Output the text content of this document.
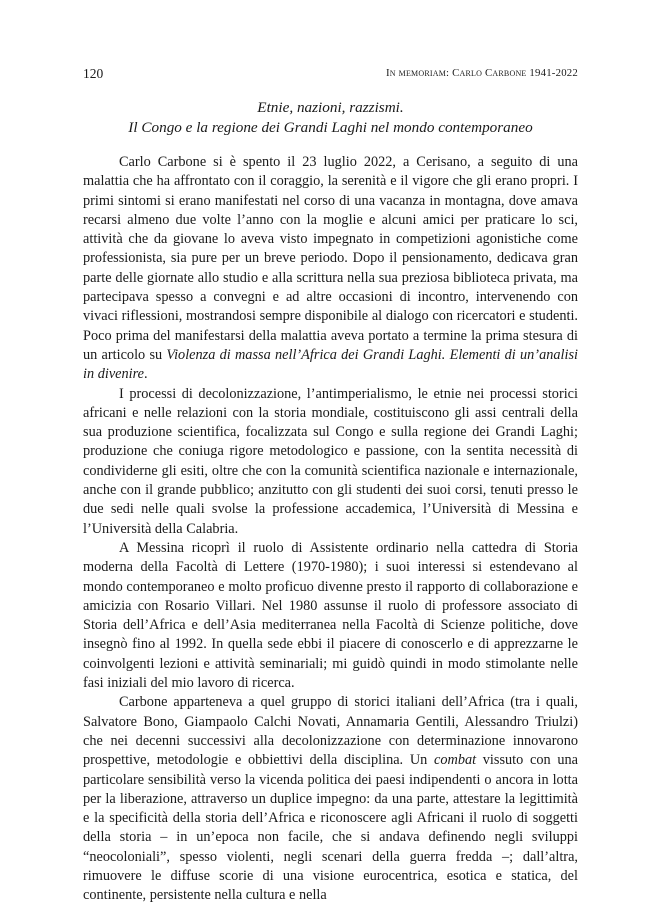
120	In memoriam: Carlo Carbone 1941-2022
Etnie, nazioni, razzismi.
Il Congo e la regione dei Grandi Laghi nel mondo contemporaneo

Carlo Carbone si è spento il 23 luglio 2022, a Cerisano, a seguito di una malattia che ha affrontato con il coraggio, la serenità e il vigore che gli erano propri. I primi sintomi si erano manifestati nel corso di una vacanza in montagna, dove amava recarsi almeno due volte l’anno con la moglie e alcuni amici per praticare lo sci, attività che da giovane lo aveva visto impegnato in competizioni agonistiche come professionista, sia pure per un breve periodo. Dopo il pensionamento, dedicava gran parte delle giornate allo studio e alla scrittura nella sua preziosa biblioteca privata, ma partecipava spesso a convegni e ad altre occasioni di incontro, intervenendo con vivaci riflessioni, mostrandosi sempre disponibile al dialogo con ricercatori e studenti. Poco prima del manifestarsi della malattia aveva portato a termine la prima stesura di un articolo su Violenza di massa nell’Africa dei Grandi Laghi. Elementi di un’analisi in divenire.

I processi di decolonizzazione, l’antimperialismo, le etnie nei processi storici africani e nelle relazioni con la storia mondiale, costituiscono gli assi centrali della sua produzione scientifica, focalizzata sul Congo e sulla regione dei Grandi Laghi; produzione che coniuga rigore metodologico e passione, con la sentita necessità di condividerne gli esiti, oltre che con la comunità scientifica nazionale e internazionale, anche con il grande pubblico; anzitutto con gli studenti dei suoi corsi, tenuti presso le due sedi nelle quali svolse la professione accademica, l’Università di Messina e l’Università della Calabria.

A Messina ricoprì il ruolo di Assistente ordinario nella cattedra di Storia moderna della Facoltà di Lettere (1970-1980); i suoi interessi si estendevano al mondo contemporaneo e molto proficuo divenne presto il rapporto di collaborazione e amicizia con Rosario Villari. Nel 1980 assunse il ruolo di professore associato di Storia dell’Africa e dell’Asia mediterranea nella Facoltà di Scienze politiche, dove insegnò fino al 1992. In quella sede ebbi il piacere di conoscerlo e di apprezzarne le coinvolgenti lezioni e attività seminariali; mi guidò quindi in modo stimolante nelle fasi iniziali del mio lavoro di ricerca.

Carbone apparteneva a quel gruppo di storici italiani dell’Africa (tra i quali, Salvatore Bono, Giampaolo Calchi Novati, Annamaria Gentili, Alessandro Triulzi) che nei decenni successivi alla decolonizzazione con determinazione innovarono prospettive, metodologie e obbiettivi della disciplina. Un combat vissuto con una particolare sensibilità verso la vicenda politica dei paesi indipendenti o ancora in lotta per la liberazione, attraverso un duplice impegno: da una parte, attestare la legittimità e la specificità della storia dell’Africa e riconoscere agli Africani il ruolo di soggetti della storia – in un’epoca non facile, che si andava definendo negli sviluppi “neocoloniali”, spesso violenti, negli scenari della guerra fredda –; dall’altra, rimuovere le diffuse scorie di una visione eurocentrica, esotica e statica, del continente, persistente nella cultura e nella
